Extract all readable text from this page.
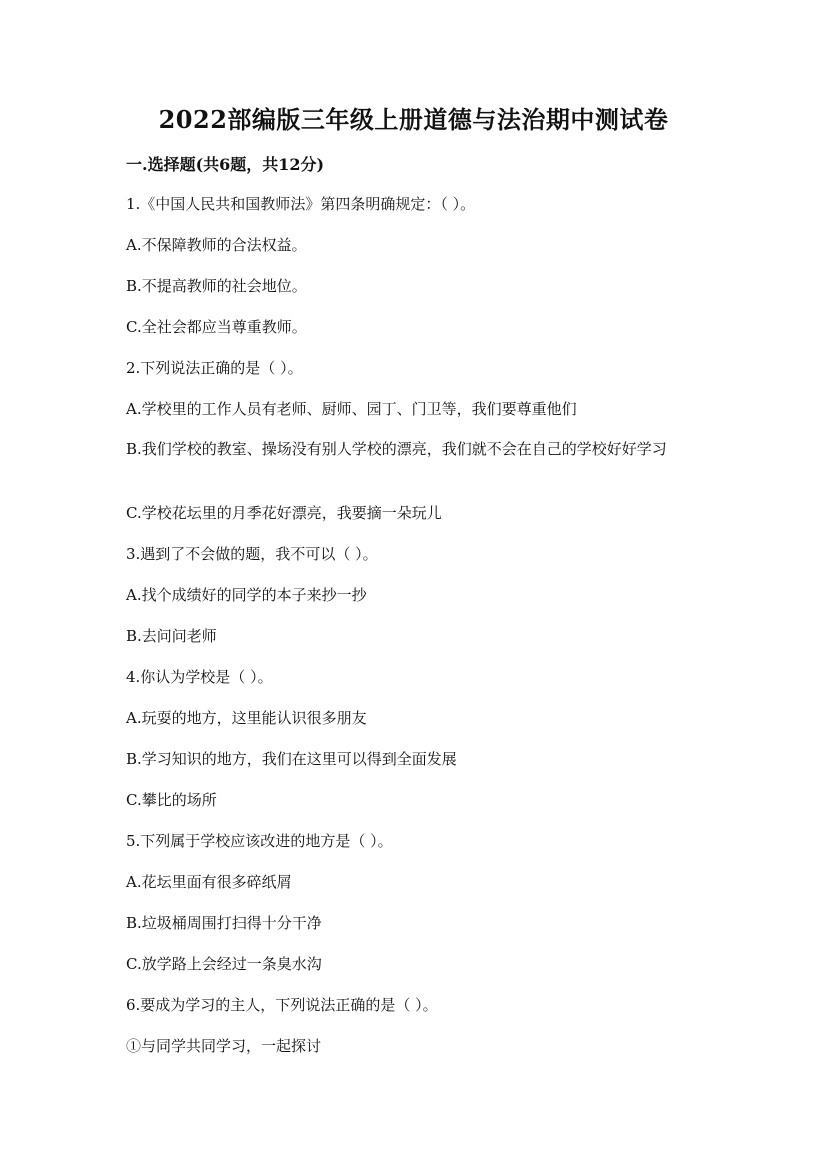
2022部编版三年级上册道德与法治期中测试卷
一.选择题(共6题，共12分)
1.《中国人民共和国教师法》第四条明确规定：（ ）。
A.不保障教师的合法权益。
B.不提高教师的社会地位。
C.全社会都应当尊重教师。
2.下列说法正确的是（ ）。
A.学校里的工作人员有老师、厨师、园丁、门卫等，我们要尊重他们
B.我们学校的教室、操场没有别人学校的漂亮，我们就不会在自己的学校好好学习
C.学校花坛里的月季花好漂亮，我要摘一朵玩儿
3.遇到了不会做的题，我不可以（ ）。
A.找个成绩好的同学的本子来抄一抄
B.去问问老师
4.你认为学校是（ ）。
A.玩耍的地方，这里能认识很多朋友
B.学习知识的地方，我们在这里可以得到全面发展
C.攀比的场所
5.下列属于学校应该改进的地方是（ ）。
A.花坛里面有很多碎纸屑
B.垃圾桶周围打扫得十分干净
C.放学路上会经过一条臭水沟
6.要成为学习的主人，下列说法正确的是（ ）。
①与同学共同学习，一起探讨
